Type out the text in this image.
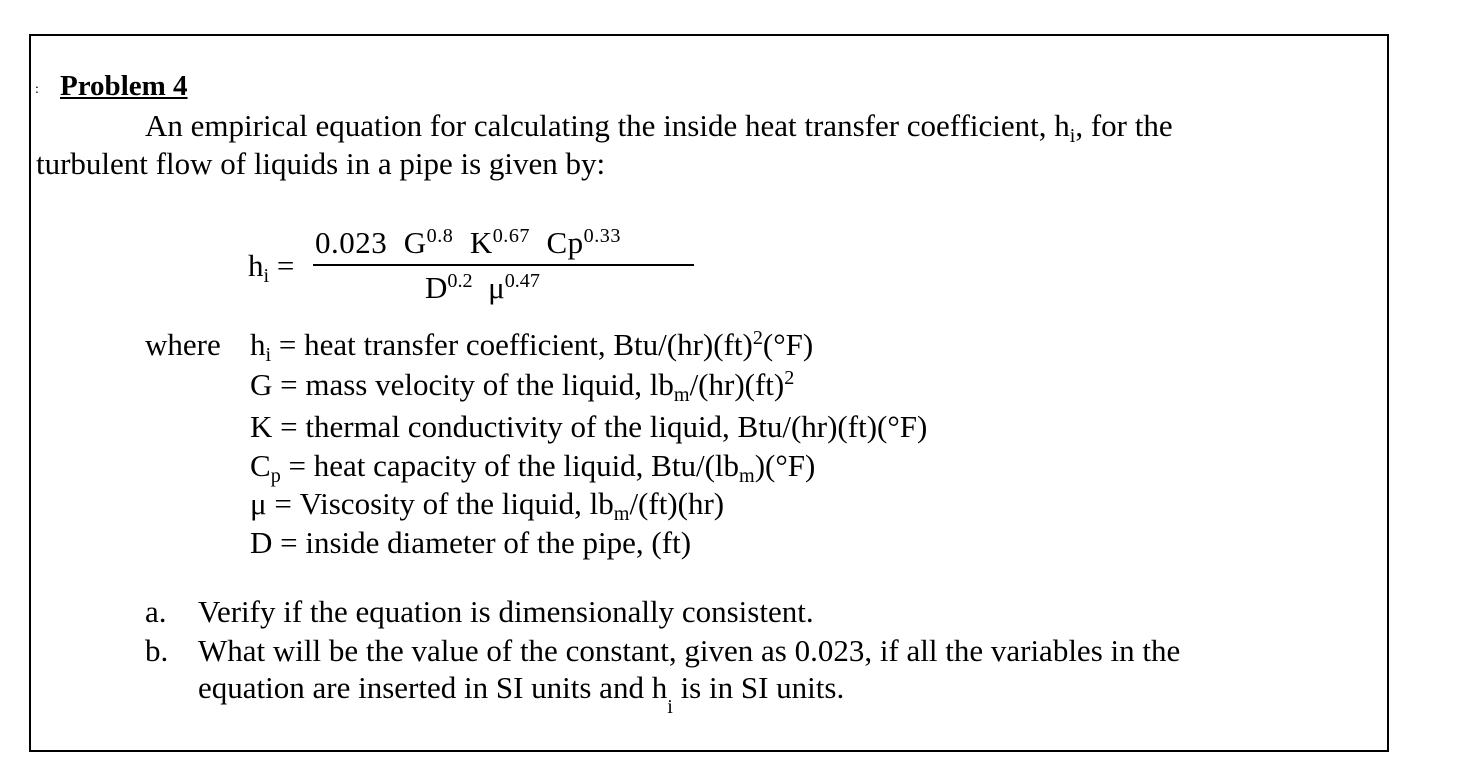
: Problem 4
An empirical equation for calculating the inside heat transfer coefficient, $h_i$, for the
turbulent flow of liquids in a pipe is given by:
$h_i$ =
0.023 $G^{0.8}$ $K^{0.67}$ $Cp^{0.33}$
$D^{0.2}$ $\mu^{0.47}$
where $h_i$ = heat transfer coefficient, Btu/(hr)(ft)$^2$(°F)
G = mass velocity of the liquid, $lb_m/(hr)(ft)^2$
K = thermal conductivity of the liquid, Btu/(hr)(ft)(°F)
$C_p$ = heat capacity of the liquid, Btu/$(lb_m)(^\circ F)$
μ = Viscosity of the liquid, $lb_m/(ft)(hr)$
D = inside diameter of the pipe, (ft)
a. Verify if the equation is dimensionally consistent.
b. What will be the value of the constant, given as 0.023, if all the variables in the
equation are inserted in SI units and $h_i$ is in SI units.
